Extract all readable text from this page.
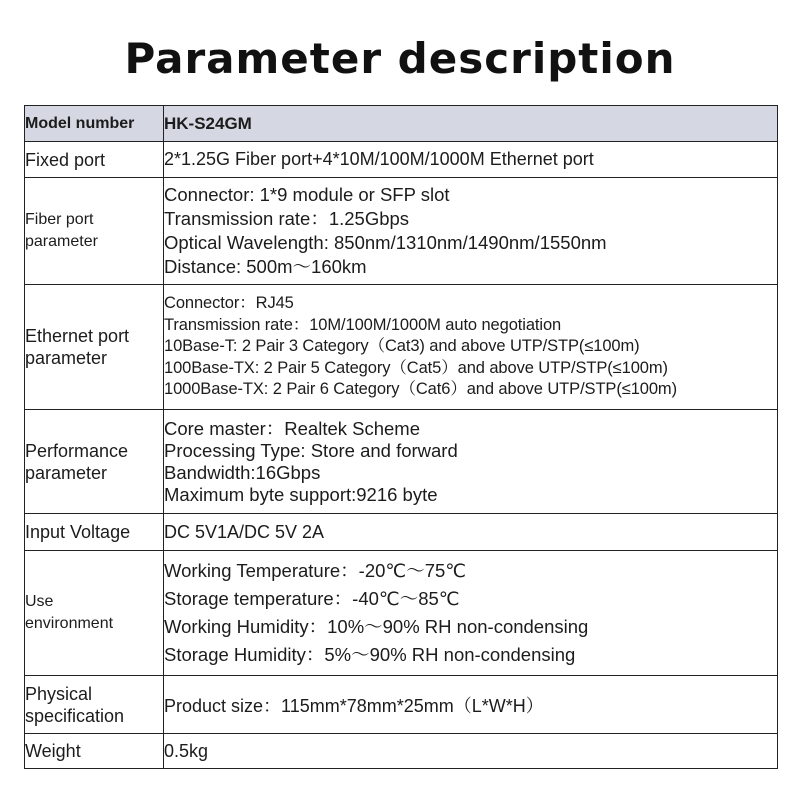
Parameter description
Model number	HK-S24GM
Fixed port	2*1.25G Fiber port+4*10M/100M/1000M Ethernet port

Fiber port
parameter	Connector: 1*9 module or SFP slot
Transmission rate：1.25Gbps
Optical Wavelength: 850nm/1310nm/1490nm/1550nm
Distance: 500m～160km

Ethernet port
parameter	Connector：RJ45
Transmission rate：10M/100M/1000M auto negotiation
10Base-T: 2 Pair 3 Category（Cat3) and above UTP/STP(≤100m)
100Base-TX: 2 Pair 5 Category（Cat5）and above UTP/STP(≤100m)
1000Base-TX: 2 Pair 6 Category（Cat6）and above UTP/STP(≤100m)

Performance
parameter	Core master：Realtek Scheme
Processing Type: Store and forward
Bandwidth:16Gbps
Maximum byte support:9216 byte

Input Voltage	DC 5V1A/DC 5V 2A

Use
environment	Working Temperature：-20℃～75℃
Storage temperature：-40℃～85℃
Working Humidity：10%～90% RH non-condensing
Storage Humidity：5%～90% RH non-condensing

Physical
specification	Product size：115mm*78mm*25mm（L*W*H）
Weight	0.5kg
